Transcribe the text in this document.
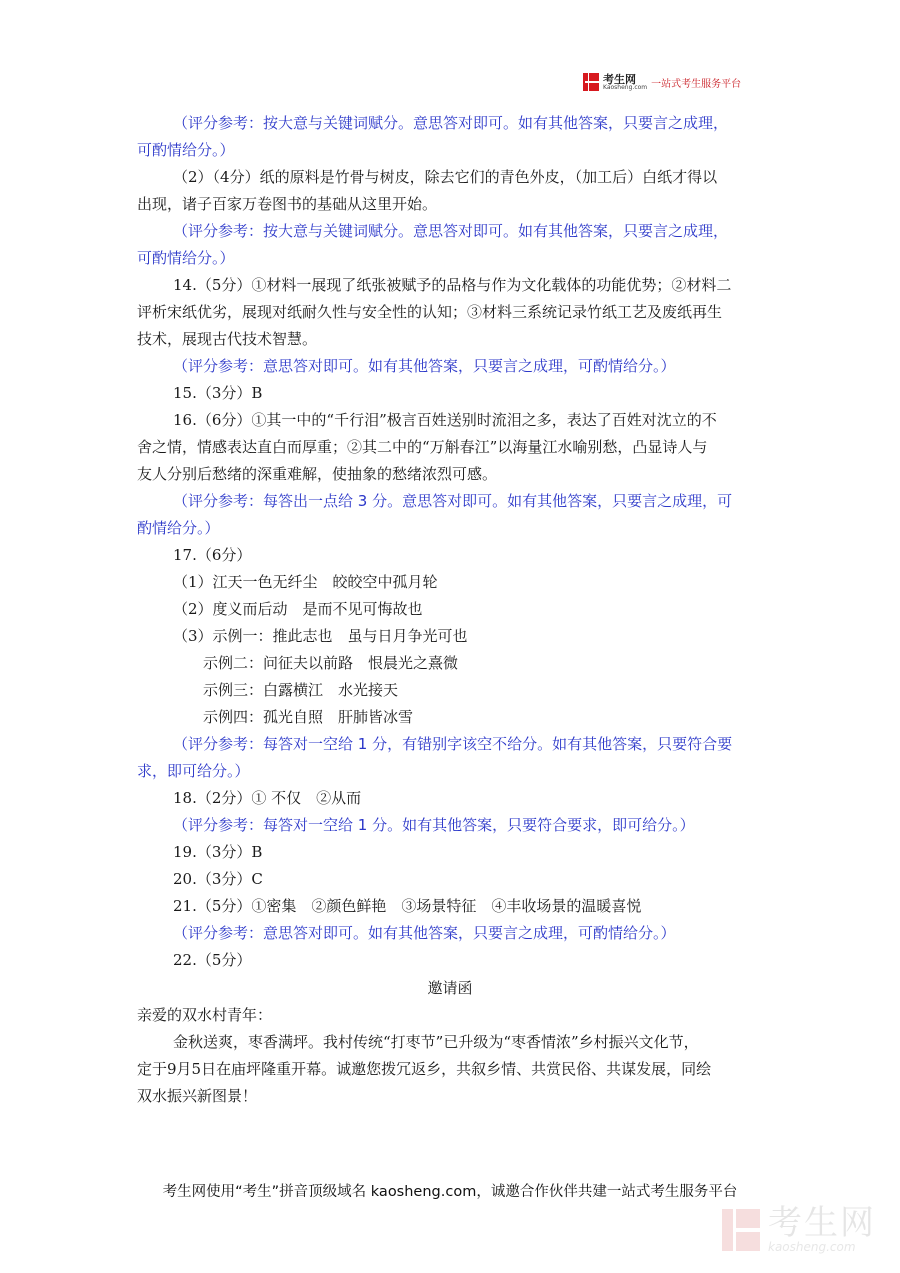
考生网
Kaosheng.com 一站式考生服务平台
（评分参考：按大意与关键词赋分。意思答对即可。如有其他答案，只要言之成理，
可酌情给分。）
（2）（4分）纸的原料是竹骨与树皮，除去它们的青色外皮，（加工后）白纸才得以
出现，诸子百家万卷图书的基础从这里开始。
（评分参考：按大意与关键词赋分。意思答对即可。如有其他答案，只要言之成理，
可酌情给分。）
14.（5分）①材料一展现了纸张被赋予的品格与作为文化载体的功能优势；②材料二
评析宋纸优劣，展现对纸耐久性与安全性的认知；③材料三系统记录竹纸工艺及废纸再生
技术，展现古代技术智慧。
（评分参考：意思答对即可。如有其他答案，只要言之成理，可酌情给分。）
15.（3分）B
16.（6分）①其一中的“千行泪”极言百姓送别时流泪之多，表达了百姓对沈立的不
舍之情，情感表达直白而厚重；②其二中的“万斛春江”以海量江水喻别愁，凸显诗人与
友人分别后愁绪的深重难解，使抽象的愁绪浓烈可感。
（评分参考：每答出一点给 3 分。意思答对即可。如有其他答案，只要言之成理，可
酌情给分。）
17.（6分）
（1）江天一色无纤尘　皎皎空中孤月轮
（2）度义而后动　是而不见可悔故也
（3）示例一：推此志也　虽与日月争光可也
示例二：问征夫以前路　恨晨光之熹微
示例三：白露横江　水光接天
示例四：孤光自照　肝肺皆冰雪
（评分参考：每答对一空给 1 分，有错别字该空不给分。如有其他答案，只要符合要
求，即可给分。）
18.（2分）① 不仅　②从而
（评分参考：每答对一空给 1 分。如有其他答案，只要符合要求，即可给分。）
19.（3分）B
20.（3分）C
21.（5分）①密集　②颜色鲜艳　③场景特征　④丰收场景的温暖喜悦
（评分参考：意思答对即可。如有其他答案，只要言之成理，可酌情给分。）
22.（5分）
邀请函
亲爱的双水村青年：
金秋送爽，枣香满坪。我村传统“打枣节”已升级为“枣香情浓”乡村振兴文化节，
定于9月5日在庙坪隆重开幕。诚邀您拨冗返乡，共叙乡情、共赏民俗、共谋发展，同绘
双水振兴新图景！
考生网使用“考生”拼音顶级域名 kaosheng.com，诚邀合作伙伴共建一站式考生服务平台
考生网
kaosheng.com
